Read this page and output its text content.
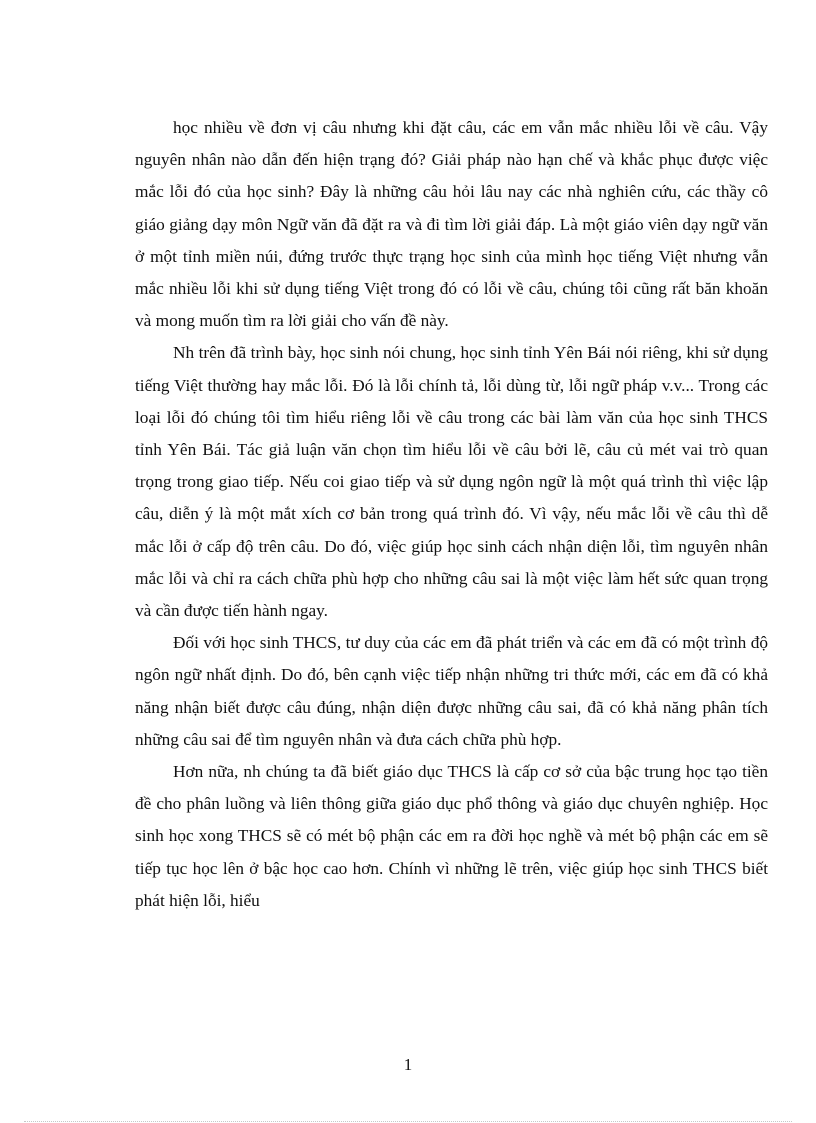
học nhiều về đơn vị câu nhưng khi đặt câu, các em vẫn mắc nhiều lỗi về câu. Vậy nguyên nhân nào dẫn đến hiện trạng đó? Giải pháp nào hạn chế và khắc phục được việc mắc lỗi đó của học sinh? Đây là những câu hỏi lâu nay các nhà nghiên cứu, các thầy cô giáo giảng dạy môn Ngữ văn đã đặt ra và đi tìm lời giải đáp. Là một giáo viên dạy ngữ văn ở một tỉnh miền núi, đứng trước thực trạng học sinh của mình học tiếng Việt nhưng vẫn mắc nhiều lỗi khi sử dụng tiếng Việt trong đó có lỗi về câu, chúng tôi cũng rất băn khoăn và mong muốn tìm ra lời giải cho vấn đề này.

Nh trên đã trình bày, học sinh nói chung, học sinh tỉnh Yên Bái nói riêng, khi sử dụng tiếng Việt thường hay mắc lỗi. Đó là lỗi chính tả, lỗi dùng từ, lỗi ngữ pháp v.v... Trong các loại lỗi đó chúng tôi tìm hiểu riêng lỗi về câu trong các bài làm văn của học sinh THCS tỉnh Yên Bái. Tác giả luận văn chọn tìm hiểu lỗi về câu bởi lẽ, câu củ mét vai trò quan trọng trong giao tiếp. Nếu coi giao tiếp và sử dụng ngôn ngữ là một quá trình thì việc lập câu, diễn ý là một mắt xích cơ bản trong quá trình đó. Vì vậy, nếu mắc lỗi về câu thì dễ mắc lỗi ở cấp độ trên câu. Do đó, việc giúp học sinh cách nhận diện lỗi, tìm nguyên nhân mắc lỗi và chỉ ra cách chữa phù hợp cho những câu sai là một việc làm hết sức quan trọng và cần được tiến hành ngay.

Đối với học sinh THCS, tư duy của các em đã phát triển và các em đã có một trình độ ngôn ngữ nhất định. Do đó, bên cạnh việc tiếp nhận những tri thức mới, các em đã có khả năng nhận biết được câu đúng, nhận diện được những câu sai, đã có khả năng phân tích những câu sai để tìm nguyên nhân và đưa cách chữa phù hợp.

Hơn nữa, nh chúng ta đã biết giáo dục THCS là cấp cơ sở của bậc trung học tạo tiền đề cho phân luồng và liên thông giữa giáo dục phổ thông và giáo dục chuyên nghiệp. Học sinh học xong THCS sẽ có mét bộ phận các em ra đời học nghề và mét bộ phận các em sẽ tiếp tục học lên ở bậc học cao hơn. Chính vì những lẽ trên, việc giúp học sinh THCS biết phát hiện lỗi, hiểu

1
